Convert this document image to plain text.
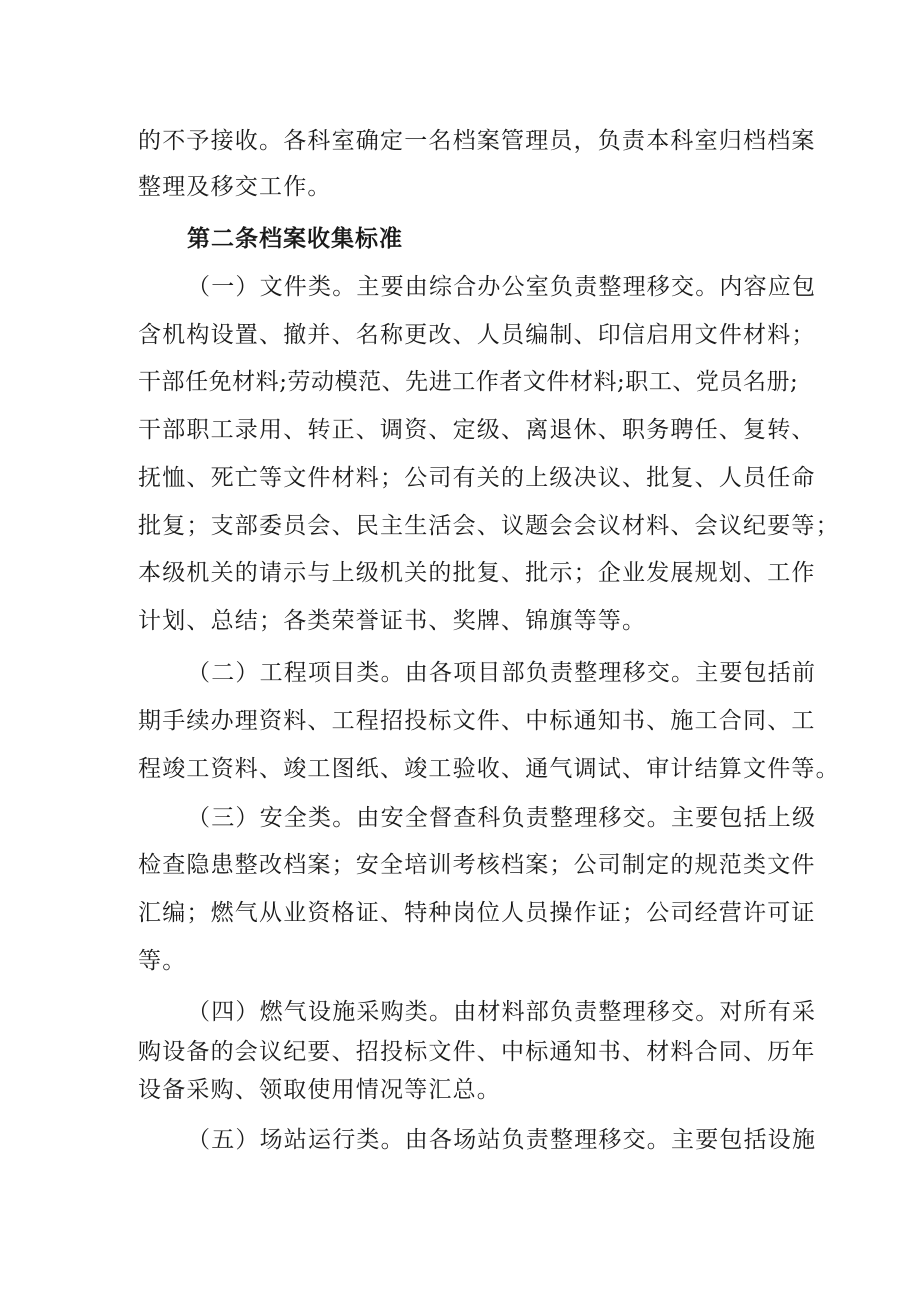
的不予接收。各科室确定一名档案管理员，负责本科室归档档案
整理及移交工作。
第二条档案收集标准
（一）文件类。主要由综合办公室负责整理移交。内容应包
含机构设置、撤并、名称更改、人员编制、印信启用文件材料；
干部任免材料;劳动模范、先进工作者文件材料;职工、党员名册;
干部职工录用、转正、调资、定级、离退休、职务聘任、复转、
抚恤、死亡等文件材料；公司有关的上级决议、批复、人员任命
批复；支部委员会、民主生活会、议题会会议材料、会议纪要等；
本级机关的请示与上级机关的批复、批示；企业发展规划、工作
计划、总结；各类荣誉证书、奖牌、锦旗等等。
（二）工程项目类。由各项目部负责整理移交。主要包括前
期手续办理资料、工程招投标文件、中标通知书、施工合同、工
程竣工资料、竣工图纸、竣工验收、通气调试、审计结算文件等。
（三）安全类。由安全督查科负责整理移交。主要包括上级
检查隐患整改档案；安全培训考核档案；公司制定的规范类文件
汇编；燃气从业资格证、特种岗位人员操作证；公司经营许可证
等。
（四）燃气设施采购类。由材料部负责整理移交。对所有采
购设备的会议纪要、招投标文件、中标通知书、材料合同、历年
设备采购、领取使用情况等汇总。
（五）场站运行类。由各场站负责整理移交。主要包括设施
